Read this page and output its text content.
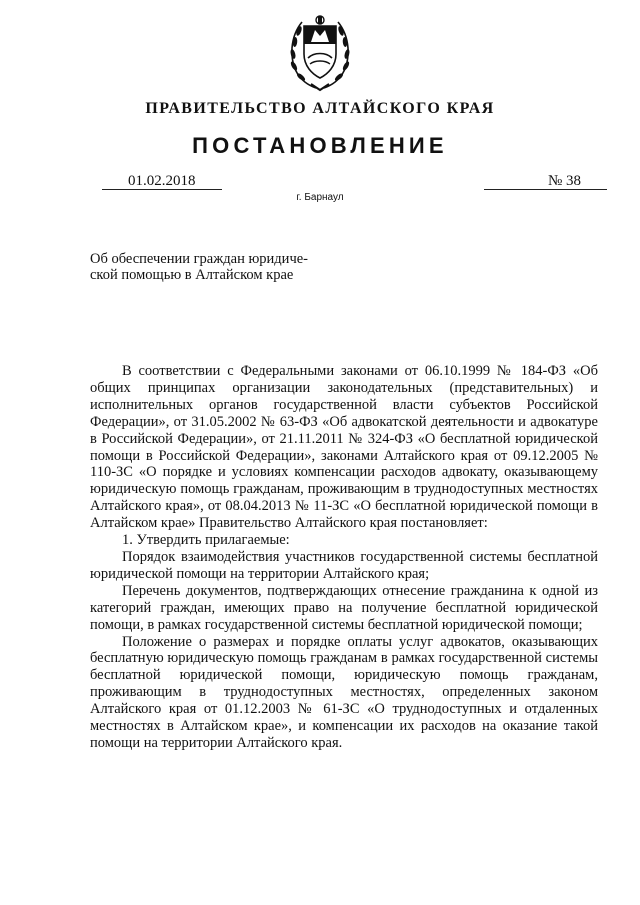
ПРАВИТЕЛЬСТВО АЛТАЙСКОГО КРАЯ
ПОСТАНОВЛЕНИЕ
01.02.2018	№ 38
г. Барнаул
Об обеспечении граждан юридиче-
ской помощью в Алтайском крае

В соответствии с Федеральными законами от 06.10.1999 № 184-ФЗ «Об общих принципах организации законодательных (представительных) и исполнительных органов государственной власти субъектов Российской Федерации», от 31.05.2002 № 63-ФЗ «Об адвокатской деятельности и адвокатуре в Российской Федерации», от 21.11.2011 № 324-ФЗ «О бесплатной юридической помощи в Российской Федерации», законами Алтайского края от 09.12.2005 № 110-ЗС «О порядке и условиях компенсации расходов адвокату, оказывающему юридическую помощь гражданам, проживающим в труднодоступных местностях Алтайского края», от 08.04.2013 № 11-ЗС «О бесплатной юридической помощи в Алтайском крае» Правительство Алтайского края постановляет:

1. Утвердить прилагаемые:

Порядок взаимодействия участников государственной системы бесплатной юридической помощи на территории Алтайского края;

Перечень документов, подтверждающих отнесение гражданина к одной из категорий граждан, имеющих право на получение бесплатной юридической помощи, в рамках государственной системы бесплатной юридической помощи;

Положение о размерах и порядке оплаты услуг адвокатов, оказывающих бесплатную юридическую помощь гражданам в рамках государственной системы бесплатной юридической помощи, юридическую помощь гражданам, проживающим в труднодоступных местностях, определенных законом Алтайского края от 01.12.2003 № 61-ЗС «О труднодоступных и отдаленных местностях в Алтайском крае», и компенсации их расходов на оказание такой помощи на территории Алтайского края.
